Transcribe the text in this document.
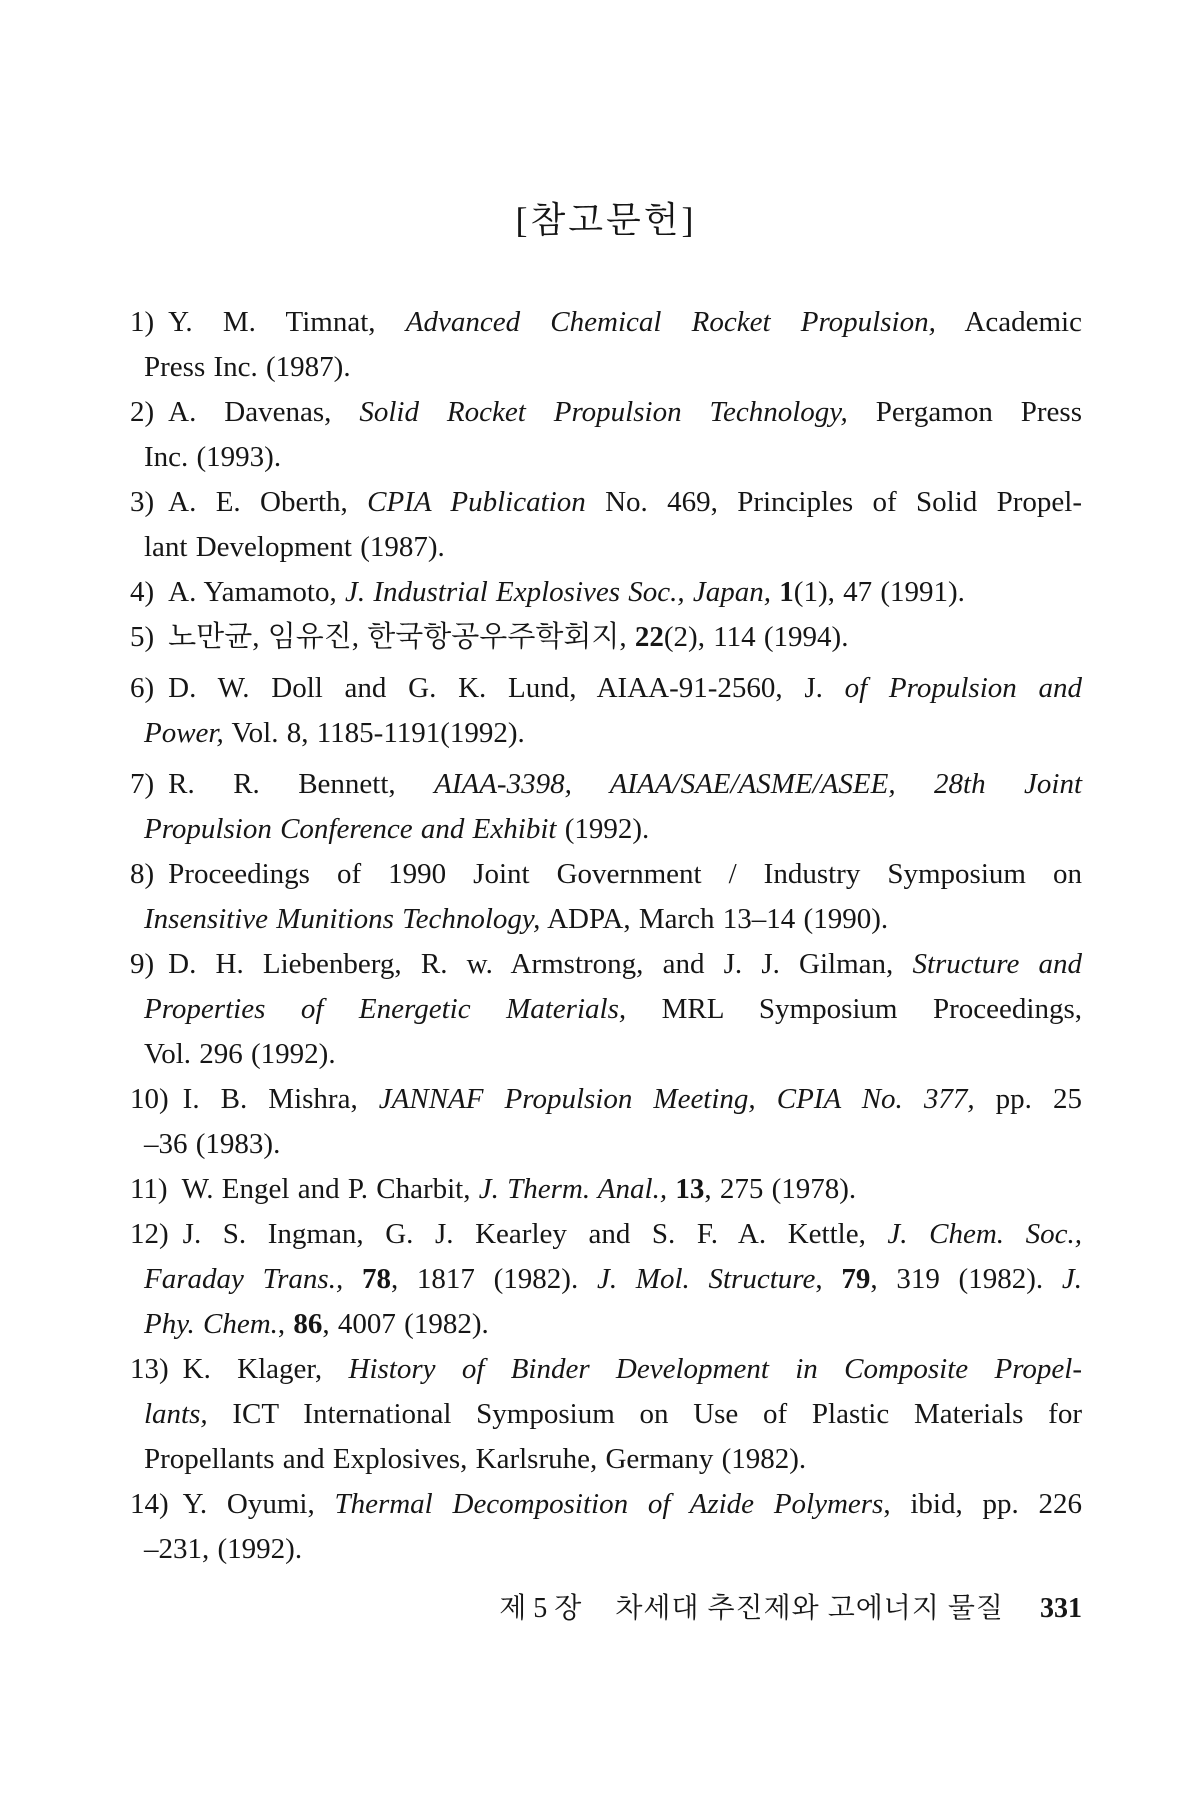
[참고문헌]
1) Y. M. Timnat, Advanced Chemical Rocket Propulsion, Academic
Press Inc. (1987).
2) A. Davenas, Solid Rocket Propulsion Technology, Pergamon Press
Inc. (1993).
3) A. E. Oberth, CPIA Publication No. 469, Principles of Solid Propel-
lant Development (1987).
4) A. Yamamoto, J. Industrial Explosives Soc., Japan, 1(1), 47 (1991).
5) 노만균, 임유진, 한국항공우주학회지, 22(2), 114 (1994).
6) D. W. Doll and G. K. Lund, AIAA-91-2560, J. of Propulsion and
Power, Vol. 8, 1185-1191(1992).
7) R. R. Bennett, AIAA-3398, AIAA/SAE/ASME/ASEE, 28th Joint
Propulsion Conference and Exhibit (1992).
8) Proceedings of 1990 Joint Government / Industry Symposium on
Insensitive Munitions Technology, ADPA, March 13–14 (1990).
9) D. H. Liebenberg, R. w. Armstrong, and J. J. Gilman, Structure and
Properties of Energetic Materials, MRL Symposium Proceedings,
Vol. 296 (1992).
10) I. B. Mishra, JANNAF Propulsion Meeting, CPIA No. 377, pp. 25
–36 (1983).
11) W. Engel and P. Charbit, J. Therm. Anal., 13, 275 (1978).
12) J. S. Ingman, G. J. Kearley and S. F. A. Kettle, J. Chem. Soc.,
Faraday Trans., 78, 1817 (1982). J. Mol. Structure, 79, 319 (1982). J.
Phy. Chem., 86, 4007 (1982).
13) K. Klager, History of Binder Development in Composite Propel-
lants, ICT International Symposium on Use of Plastic Materials for
Propellants and Explosives, Karlsruhe, Germany (1982).
14) Y. Oyumi, Thermal Decomposition of Azide Polymers, ibid, pp. 226
–231, (1992).
제 5 장 차세대 추진제와 고에너지 물질 331
